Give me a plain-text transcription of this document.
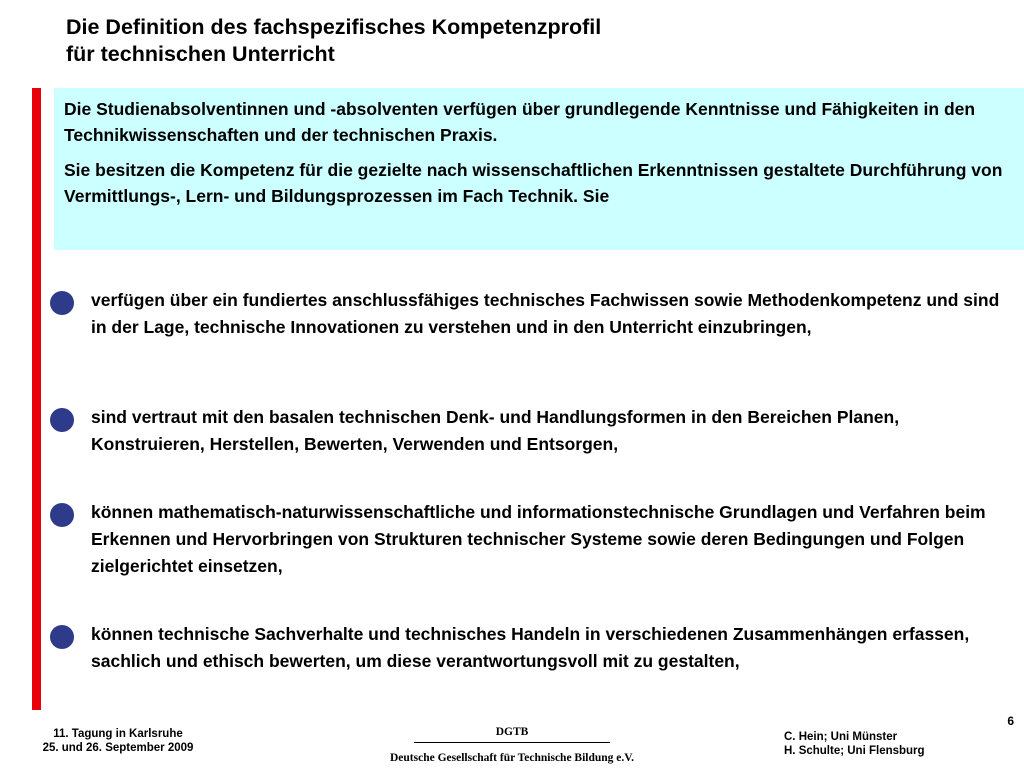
Die Definition des fachspezifisches Kompetenzprofil
für technischen Unterricht

Die Studienabsolventinnen und -absolventen verfügen über grundlegende Kenntnisse und Fähigkeiten in den Technikwissenschaften und der technischen Praxis.

Sie besitzen die Kompetenz für die gezielte nach wissenschaftlichen Erkenntnissen gestaltete Durchführung von Vermittlungs-, Lern- und Bildungsprozessen im Fach Technik. Sie

verfügen über ein fundiertes anschlussfähiges technisches Fachwissen sowie Methodenkompetenz und sind in der Lage, technische Innovationen zu verstehen und in den Unterricht einzubringen,
sind vertraut mit den basalen technischen Denk- und Handlungsformen in den Bereichen Planen, Konstruieren, Herstellen, Bewerten, Verwenden und Entsorgen,
können mathematisch-naturwissenschaftliche und informationstechnische Grundlagen und Verfahren beim Erkennen und Hervorbringen von Strukturen technischer Systeme sowie deren Bedingungen und Folgen zielgerichtet einsetzen,
können technische Sachverhalte und technisches Handeln in verschiedenen Zusammenhängen erfassen, sachlich und ethisch bewerten, um diese verantwortungsvoll mit zu gestalten,
6
11. Tagung in Karlsruhe
25. und 26. September 2009
DGTB
Deutsche Gesellschaft für Technische Bildung e.V.
C. Hein; Uni Münster
H. Schulte; Uni Flensburg
